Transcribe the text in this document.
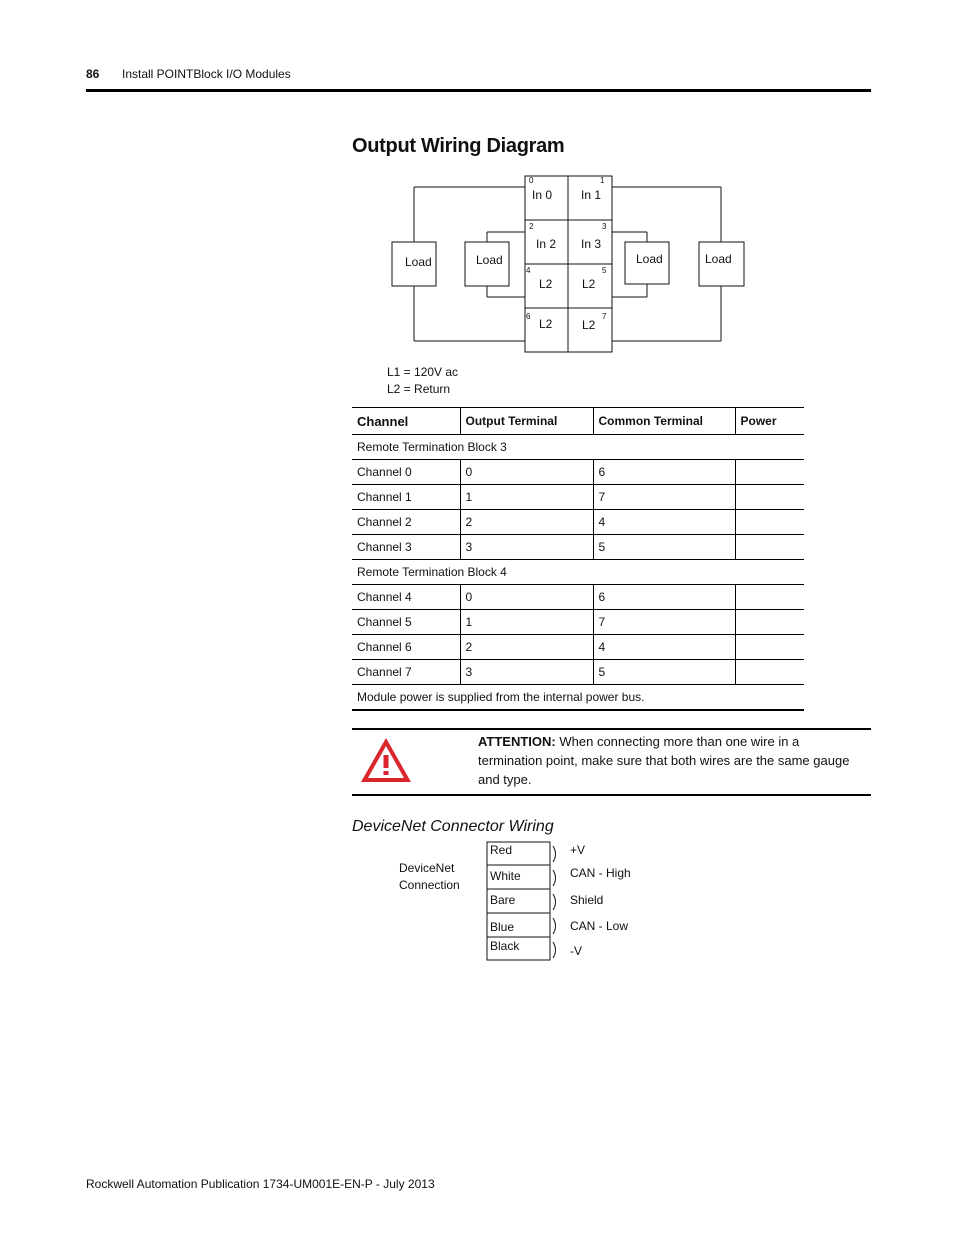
86 Install POINTBlock I/O Modules
Output Wiring Diagram
0	1
2	3
4	5
6	7
In 0 In 1
In 2 In 3
L2 L2
L2 L2
Load	Load	Load	Load
L1 = 120V ac
L2 = Return
Channel	Output Terminal	Common Terminal	Power
Remote Termination Block 3			
Channel 0	0	6	
Channel 1	1	7	
Channel 2	2	4	
Channel 3	3	5	
Remote Termination Block 4			
Channel 4	0	6	
Channel 5	1	7	
Channel 6	2	4	
Channel 7	3	5	
Module power is supplied from the internal power bus.			
ATTENTION: When connecting more than one wire in a termination point, make sure that both wires are the same gauge and type.
DeviceNet Connector Wiring
DeviceNet
Connection
Red
White
Bare
Blue
Black
+V
CAN - High
Shield
CAN - Low
-V
Rockwell Automation Publication 1734-UM001E-EN-P - July 2013
